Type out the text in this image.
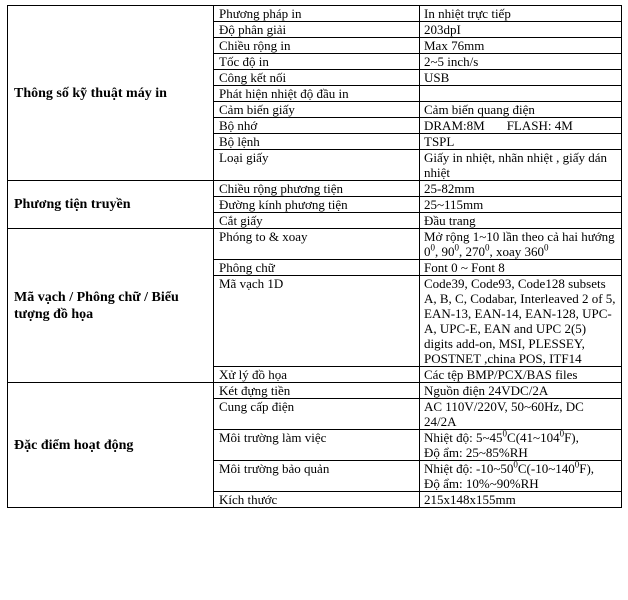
Thông số kỹ thuật máy in	Phương pháp in	In nhiệt trực tiếp
	Độ phân giải	203dpI
	Chiều rộng in	Max 76mm
	Tốc độ in	2~5 inch/s
	Công kết nối	USB
	Phát hiện nhiệt độ đầu in	
	Cảm biến giấy	Cảm biến quang điện
	Bộ nhớ	DRAM:8M FLASH: 4M
	Bộ lệnh	TSPL
	Loại giấy	Giấy in nhiệt, nhãn nhiệt , giấy dán nhiệt
Phương tiện truyền	Chiều rộng phương tiện	25-82mm
	Đường kính phương tiện	25~115mm
	Cắt giấy	Đầu trang
Mã vạch / Phông chữ / Biểu tượng đồ họa	Phóng to & xoay	Mở rộng 1~10 lần theo cả hai hướng $0^0$, $90^0$, $270^0$, xoay $360^0$
	Phông chữ	Font 0 ~ Font 8
	Mã vạch 1D	Code39, Code93, Code128 subsets A, B, C, Codabar, Interleaved 2 of 5, EAN-13, EAN-14, EAN-128, UPC-A, UPC-E, EAN and UPC 2(5) digits add-on, MSI, PLESSEY, POSTNET ,china POS, ITF14
	Xử lý đồ họa	Các tệp BMP/PCX/BAS files
Đặc điểm hoạt động	Két đựng tiền	Nguồn điện 24VDC/2A
	Cung cấp điện	AC 110V/220V, 50~60Hz, DC 24/2A
	Môi trường làm việc	Nhiệt độ: $5\sim 45^0C(41\sim 104^0F)$,
Độ ẩm: 25~85%RH
	Môi trường bảo quản	Nhiệt độ: $-10\sim 50^0C(-10\sim 140^0F)$,
Độ ẩm: 10%~90%RH
	Kích thước	215x148x155mm
